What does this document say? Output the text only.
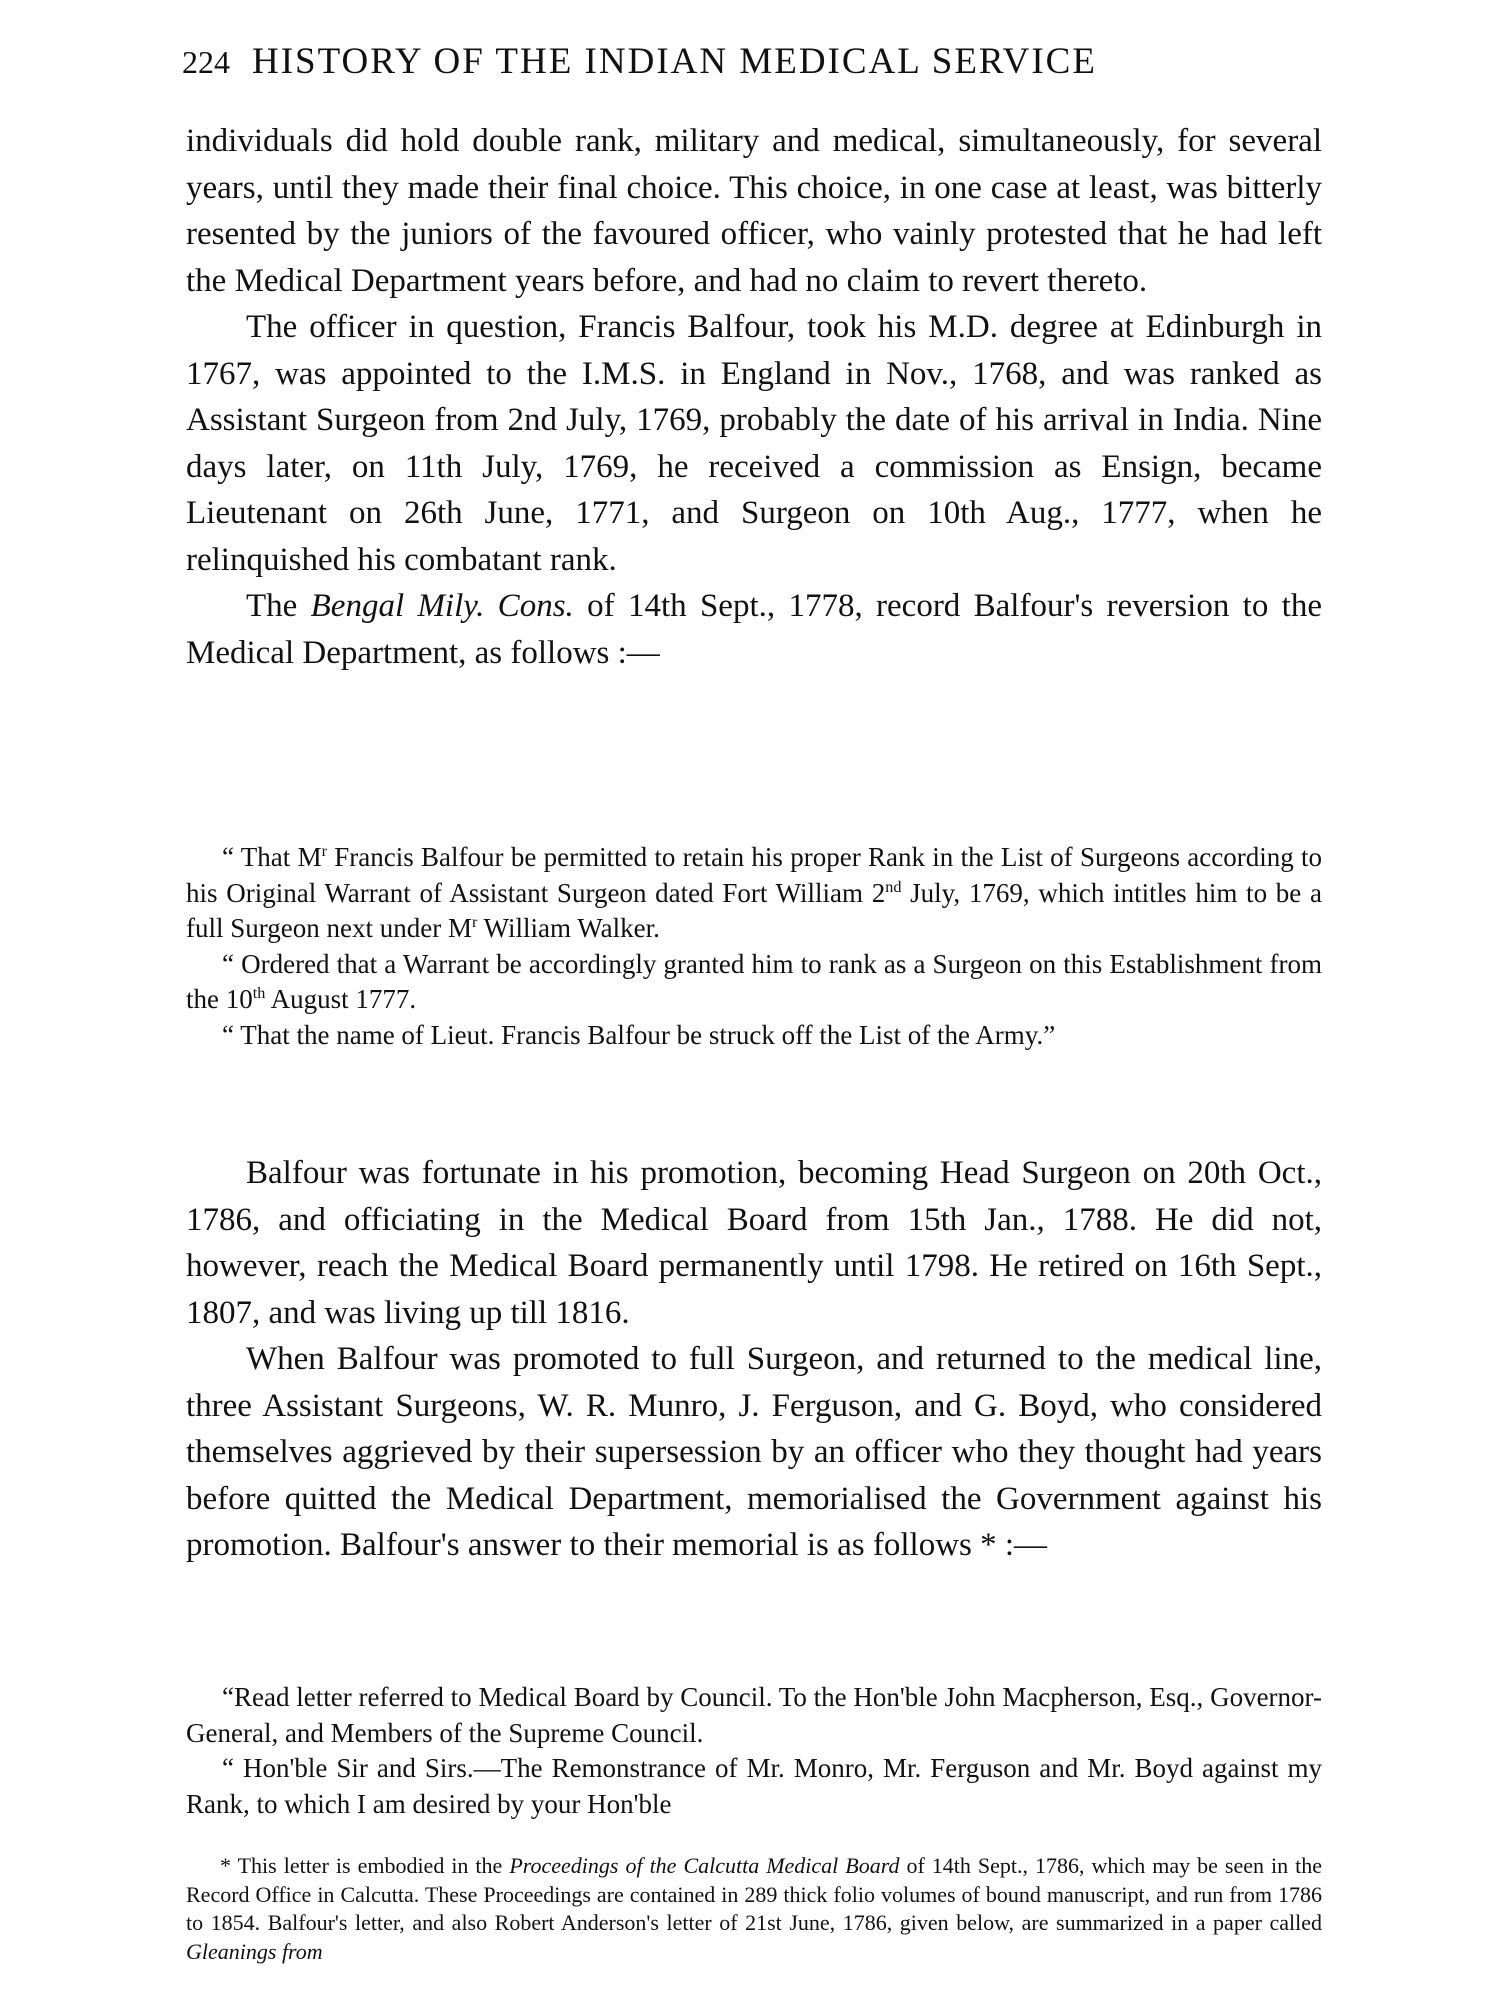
224 HISTORY OF THE INDIAN MEDICAL SERVICE

individuals did hold double rank, military and medical, simultaneously, for several years, until they made their final choice. This choice, in one case at least, was bitterly resented by the juniors of the favoured officer, who vainly protested that he had left the Medical Department years before, and had no claim to revert thereto.

The officer in question, Francis Balfour, took his M.D. degree at Edinburgh in 1767, was appointed to the I.M.S. in England in Nov., 1768, and was ranked as Assistant Surgeon from 2nd July, 1769, probably the date of his arrival in India. Nine days later, on 11th July, 1769, he received a commission as Ensign, became Lieutenant on 26th June, 1771, and Surgeon on 10th Aug., 1777, when he relinquished his combatant rank.

The Bengal Mily. Cons. of 14th Sept., 1778, record Balfour's reversion to the Medical Department, as follows :—

“ That $M^r$ Francis Balfour be permitted to retain his proper Rank in the List of Surgeons according to his Original Warrant of Assistant Surgeon dated Fort William 2nd July, 1769, which intitles him to be a full Surgeon next under $M^r$ William Walker.

“ Ordered that a Warrant be accordingly granted him to rank as a Surgeon on this Establishment from the 10th August 1777.

“ That the name of Lieut. Francis Balfour be struck off the List of the Army.”

Balfour was fortunate in his promotion, becoming Head Surgeon on 20th Oct., 1786, and officiating in the Medical Board from 15th Jan., 1788. He did not, however, reach the Medical Board permanently until 1798. He retired on 16th Sept., 1807, and was living up till 1816.

When Balfour was promoted to full Surgeon, and returned to the medical line, three Assistant Surgeons, W. R. Munro, J. Ferguson, and G. Boyd, who considered themselves aggrieved by their supersession by an officer who they thought had years before quitted the Medical Department, memorialised the Government against his promotion. Balfour's answer to their memorial is as follows * :—

“Read letter referred to Medical Board by Council. To the Hon'ble John Macpherson, Esq., Governor-General, and Members of the Supreme Council.

“ Hon'ble Sir and Sirs.—The Remonstrance of Mr. Monro, Mr. Ferguson and Mr. Boyd against my Rank, to which I am desired by your Hon'ble

* This letter is embodied in the Proceedings of the Calcutta Medical Board of 14th Sept., 1786, which may be seen in the Record Office in Calcutta. These Proceedings are contained in 289 thick folio volumes of bound manuscript, and run from 1786 to 1854. Balfour's letter, and also Robert Anderson's letter of 21st June, 1786, given below, are summarized in a paper called Gleanings from
